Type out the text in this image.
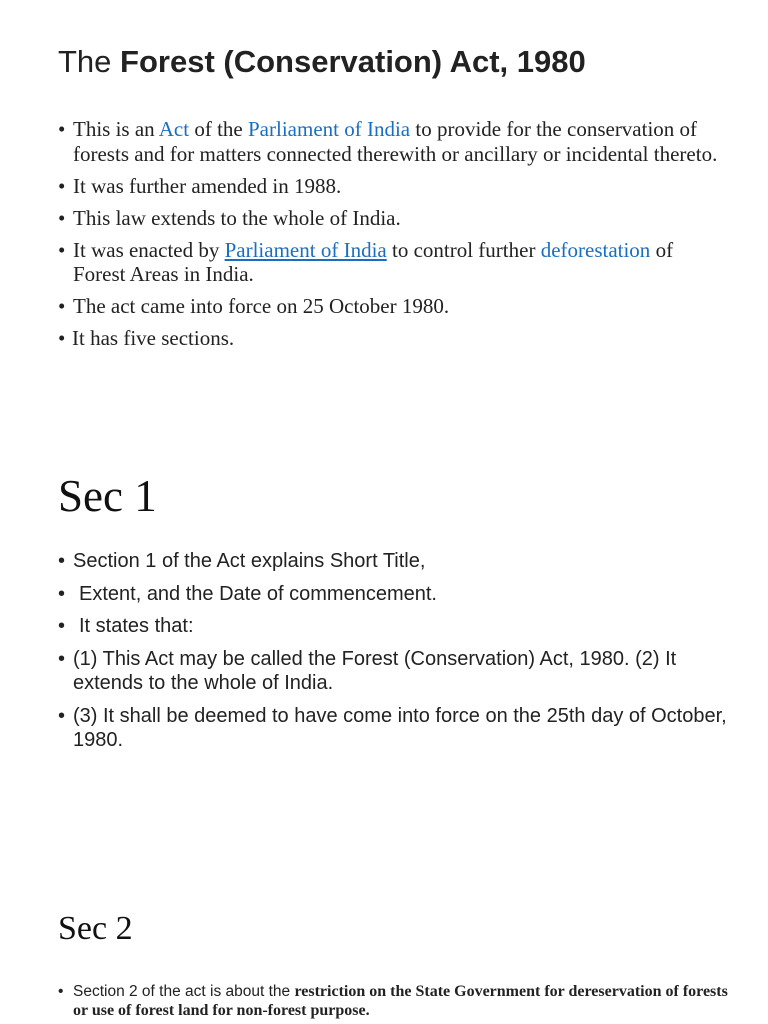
The Forest (Conservation) Act, 1980
• This is an Act of the Parliament of India to provide for the conservation of forests and for matters connected therewith or ancillary or incidental thereto.
• It was further amended in 1988.
• This law extends to the whole of India.
• It was enacted by Parliament of India to control further deforestation of Forest Areas in India.
• The act came into force on 25 October 1980.
• It has five sections.
Sec 1
• Section 1 of the Act explains Short Title,
• Extent, and the Date of commencement.
• It states that:
• (1) This Act may be called the Forest (Conservation) Act, 1980. (2) It extends to the whole of India.
• (3) It shall be deemed to have come into force on the 25th day of October, 1980.
Sec 2
• Section 2 of the act is about the restriction on the State Government for dereservation of forests or use of forest land for non-forest purpose.
